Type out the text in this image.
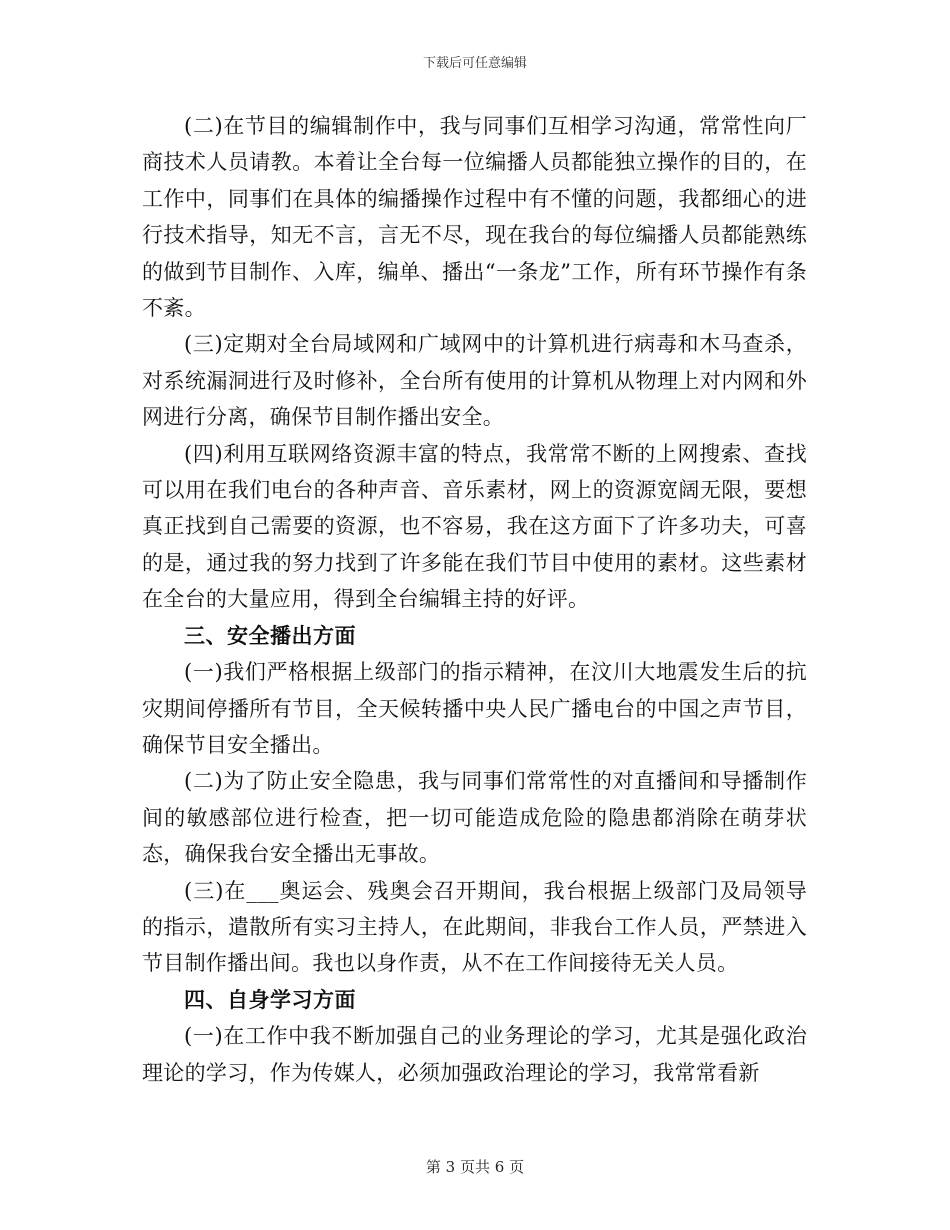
下载后可任意编辑

(二)在节目的编辑制作中，我与同事们互相学习沟通，常常性向厂商技术人员请教。本着让全台每一位编播人员都能独立操作的目的，在工作中，同事们在具体的编播操作过程中有不懂的问题，我都细心的进行技术指导，知无不言，言无不尽，现在我台的每位编播人员都能熟练的做到节目制作、入库，编单、播出“一条龙”工作，所有环节操作有条不紊。

(三)定期对全台局域网和广域网中的计算机进行病毒和木马查杀，对系统漏洞进行及时修补，全台所有使用的计算机从物理上对内网和外网进行分离，确保节目制作播出安全。

(四)利用互联网络资源丰富的特点，我常常不断的上网搜索、查找可以用在我们电台的各种声音、音乐素材，网上的资源宽阔无限，要想真正找到自己需要的资源，也不容易，我在这方面下了许多功夫，可喜的是，通过我的努力找到了许多能在我们节目中使用的素材。这些素材在全台的大量应用，得到全台编辑主持的好评。

三、安全播出方面

(一)我们严格根据上级部门的指示精神，在汶川大地震发生后的抗灾期间停播所有节目，全天候转播中央人民广播电台的中国之声节目，确保节目安全播出。

(二)为了防止安全隐患，我与同事们常常性的对直播间和导播制作间的敏感部位进行检查，把一切可能造成危险的隐患都消除在萌芽状态，确保我台安全播出无事故。

(三)在___奥运会、残奥会召开期间，我台根据上级部门及局领导的指示，遣散所有实习主持人，在此期间，非我台工作人员，严禁进入节目制作播出间。我也以身作责，从不在工作间接待无关人员。

四、自身学习方面

(一)在工作中我不断加强自己的业务理论的学习，尤其是强化政治理论的学习，作为传媒人，必须加强政治理论的学习，我常常看新

第 3 页共 6 页
